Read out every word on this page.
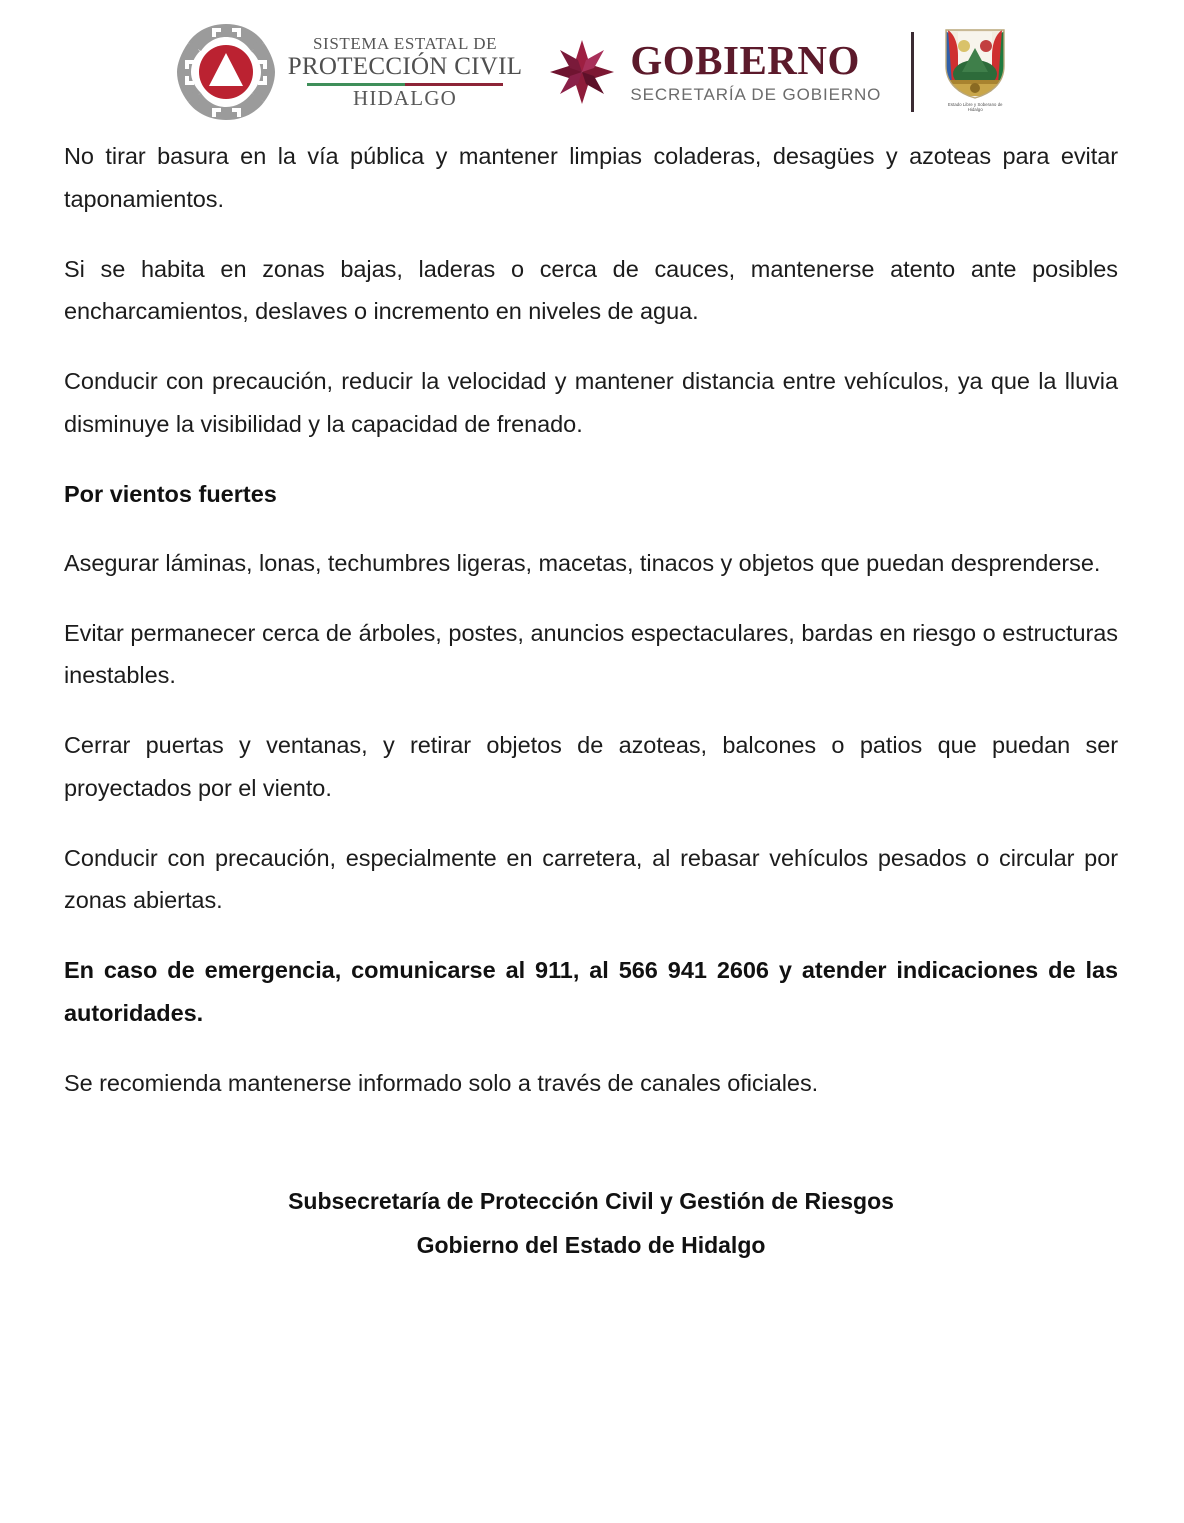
SISTEMA ESTATAL DE
PROTECCIÓN CIVIL
HIDALGO
GOBIERNO
SECRETARÍA DE GOBIERNO	Estado Libre y Soberano de Hidalgo

No tirar basura en la vía pública y mantener limpias coladeras, desagües y azoteas para evitar taponamientos.

Si se habita en zonas bajas, laderas o cerca de cauces, mantenerse atento ante posibles encharcamientos, deslaves o incremento en niveles de agua.

Conducir con precaución, reducir la velocidad y mantener distancia entre vehículos, ya que la lluvia disminuye la visibilidad y la capacidad de frenado.

Por vientos fuertes

Asegurar láminas, lonas, techumbres ligeras, macetas, tinacos y objetos que puedan desprenderse.

Evitar permanecer cerca de árboles, postes, anuncios espectaculares, bardas en riesgo o estructuras inestables.

Cerrar puertas y ventanas, y retirar objetos de azoteas, balcones o patios que puedan ser proyectados por el viento.

Conducir con precaución, especialmente en carretera, al rebasar vehículos pesados o circular por zonas abiertas.

En caso de emergencia, comunicarse al 911, al 566 941 2606 y atender indicaciones de las autoridades.

Se recomienda mantenerse informado solo a través de canales oficiales.

Subsecretaría de Protección Civil y Gestión de Riesgos
Gobierno del Estado de Hidalgo
